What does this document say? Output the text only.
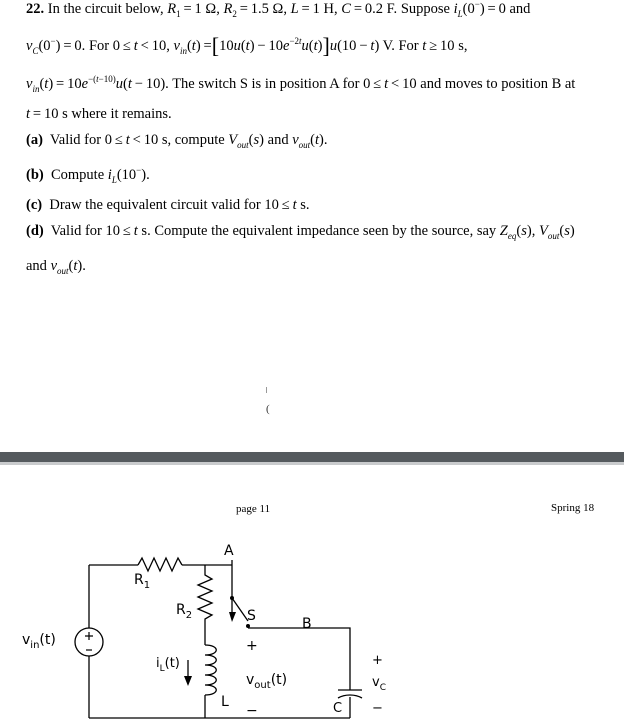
22. In the circuit below, $R_1 = 1$ Ω, $R_2 = 1.5$ Ω, L = 1 H, C = 0.2 F. Suppose $i_L(0^-) = 0$ and
$v_C(0^-) = 0$. For 0 ≤ t < 10, $v_{in}(t) =[10u(t) - 10e^{-2t}u(t)]u(10 - t)$ V. For t ≥ 10 s,
$v_{in}(t) = 10e^{-(t-10)}u(t - 10)$. The switch S is in position A for 0 ≤ t < 10 and moves to position B at
t = 10 s where it remains.
(a) Valid for 0 ≤ t < 10 s, compute $V_{out}(s)$ and $v_{out}(t)$.
(b) Compute $i_L(10^-)$.
(c) Draw the equivalent circuit valid for 10 ≤ t s.
(d) Valid for 10 ≤ t s. Compute the equivalent impedance seen by the source, say $Z_{eq}(s)$, $V_{out}(s)$
and $v_{out}(t)$.
(
page 11	Spring 18
$R_1$
$R_2$
A
B
S
$v_{in}(t)$
$i_L(t)$
L
+
$v_{out}(t)$
−
+
$v_C$
−
C
